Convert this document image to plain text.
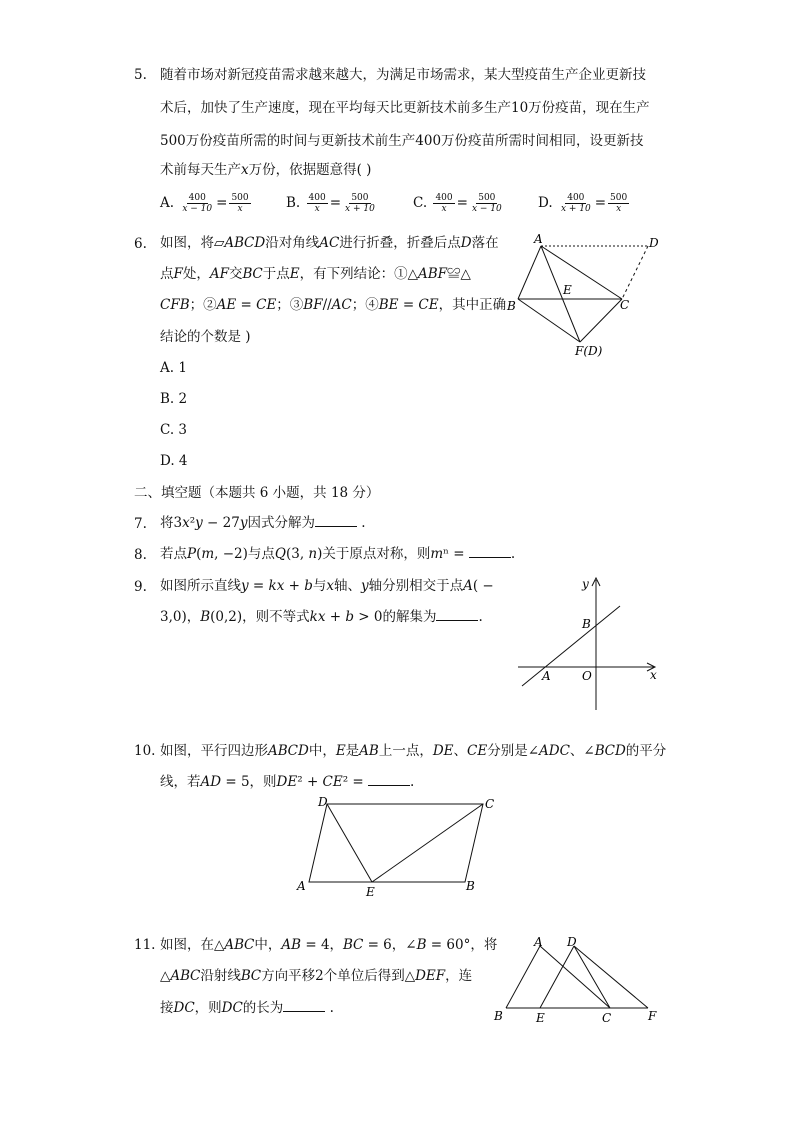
5. 随着市场对新冠疫苗需求越来越大，为满足市场需求，某大型疫苗生产企业更新技
术后，加快了生产速度，现在平均每天比更新技术前多生产10万份疫苗，现在生产
500万份疫苗所需的时间与更新技术前生产400万份疫苗所需时间相同，设更新技
术前每天生产𝑥万份，依据题意得( )
A. $\frac{400}{x - 10} = \frac{500}{x}$	B. $\frac{400}{x} = \frac{500}{x + 10}$	C. $\frac{400}{x} = \frac{500}{x - 10}$	D. $\frac{400}{x + 10} = \frac{500}{x}$
6. 如图，将▱𝐴𝐵𝐶𝐷沿对角线𝐴𝐶进行折叠，折叠后点𝐷落在
点𝐹处，𝐴𝐹交𝐵𝐶于点𝐸，有下列结论：①△𝐴𝐵𝐹≌△
𝐶𝐹𝐵；②𝐴𝐸 = 𝐶𝐸；③𝐵𝐹//𝐴𝐶；④𝐵𝐸 = 𝐶𝐸，其中正确
结论的个数是 )
A. 1
B. 2
C. 3
D. 4
A	D
E
B	C
F(D)
二、填空题（本题共 6 小题，共 18 分）
7. 将3𝑥²𝑦 − 27𝑦因式分解为	.
8. 若点𝑃(𝑚, −2)与点𝑄(3, 𝑛)关于原点对称，则𝑚ⁿ =	.
9. 如图所示直线𝑦 = 𝑘𝑥 + 𝑏与𝑥轴、𝑦轴分别相交于点𝐴( −
3,0)，𝐵(0,2)，则不等式𝑘𝑥 + 𝑏 > 0的解集为	.
y
x
A	O
B
10. 如图，平行四边形𝐴𝐵𝐶𝐷中，𝐸是𝐴𝐵上一点，𝐷𝐸、𝐶𝐸分别是∠𝐴𝐷𝐶、∠𝐵𝐶𝐷的平分
线，若𝐴𝐷 = 5，则𝐷𝐸² + 𝐶𝐸² =	.
D	C
A	B
E
11. 如图，在△𝐴𝐵𝐶中，𝐴𝐵 = 4，𝐵𝐶 = 6，∠𝐵 = 60°，将
△𝐴𝐵𝐶沿射线𝐵𝐶方向平移2个单位后得到△𝐷𝐸𝐹，连
接𝐷𝐶，则𝐷𝐶的长为	.
A D
B	E	C	F
